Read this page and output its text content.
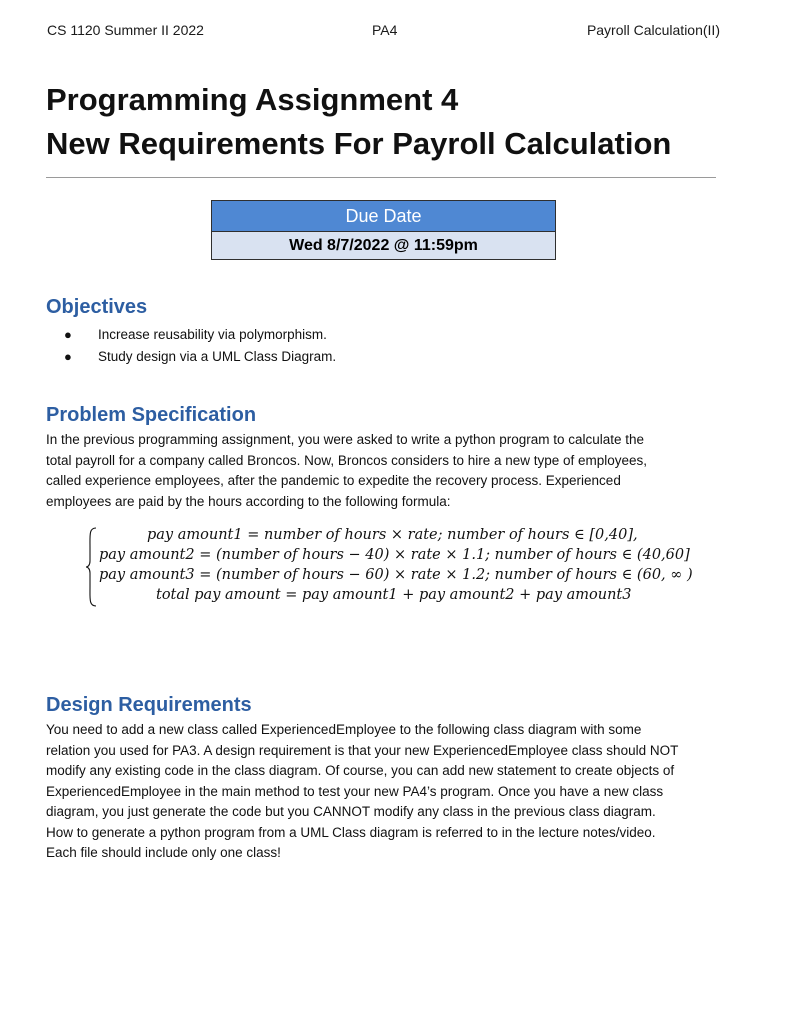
CS 1120 Summer II 2022	PA4	Payroll Calculation(II)
Programming Assignment 4
New Requirements For Payroll Calculation
Due Date
Wed 8/7/2022 @ 11:59pm
Objectives
● Increase reusability via polymorphism.
● Study design via a UML Class Diagram.
Problem Specification
In the previous programming assignment, you were asked to write a python program to calculate the
total payroll for a company called Broncos. Now, Broncos considers to hire a new type of employees,
called experience employees, after the pandemic to expedite the recovery process. Experienced
employees are paid by the hours according to the following formula:
pay amount1 = number of hours × rate; number of hours ∈ [0,40],
pay amount2 = (number of hours − 40) × rate × 1.1; number of hours ∈ (40,60]
pay amount3 = (number of hours − 60) × rate × 1.2; number of hours ∈ (60, ∞ )
total pay amount = pay amount1 + pay amount2 + pay amount3
Design Requirements
You need to add a new class called ExperiencedEmployee to the following class diagram with some
relation you used for PA3. A design requirement is that your new ExperiencedEmployee class should NOT
modify any existing code in the class diagram. Of course, you can add new statement to create objects of
ExperiencedEmployee in the main method to test your new PA4’s program. Once you have a new class
diagram, you just generate the code but you CANNOT modify any class in the previous class diagram.
How to generate a python program from a UML Class diagram is referred to in the lecture notes/video.
Each file should include only one class!
